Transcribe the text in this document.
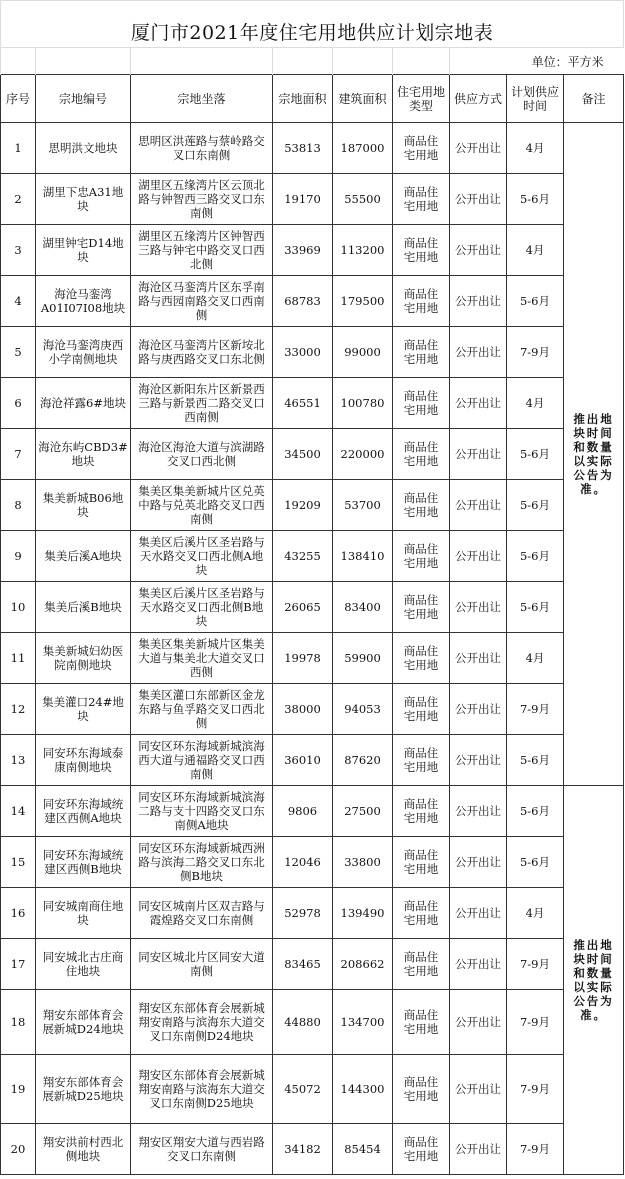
厦门市2021年度住宅用地供应计划宗地表								
						单位：平方米		
序号	宗地编号	宗地坐落	宗地面积	建筑面积	住宅用地类型	供应方式	计划供应时间	备注
1	思明洪文地块	思明区洪莲路与蔡岭路交叉口东南侧	53813	187000	商品住宅用地	公开出让	4月	推出地块时间和数量以实际公告为准。
2	湖里下忠A31地块	湖里区五缘湾片区云顶北路与钟智西三路交叉口东南侧	19170	55500	商品住宅用地	公开出让	5-6月	
3	湖里钟宅D14地块	湖里区五缘湾片区钟智西三路与钟宅中路交叉口西北侧	33969	113200	商品住宅用地	公开出让	4月	
4	海沧马銮湾A01I07I08地块	海沧区马銮湾片区东孚南路与西园南路交叉口西南侧	68783	179500	商品住宅用地	公开出让	5-6月	
5	海沧马銮湾庚西小学南侧地块	海沧区马銮湾片区新垵北路与庚西路交叉口东北侧	33000	99000	商品住宅用地	公开出让	7-9月	
6	海沧祥露6#地块	海沧区新阳东片区新景西三路与新景西二路交叉口西南侧	46551	100780	商品住宅用地	公开出让	4月	
7	海沧东屿CBD3#地块	海沧区海沧大道与滨湖路交叉口西北侧	34500	220000	商品住宅用地	公开出让	5-6月	
8	集美新城B06地块	集美区集美新城片区兑英中路与兑英北路交叉口西南侧	19209	53700	商品住宅用地	公开出让	5-6月	
9	集美后溪A地块	集美区后溪片区圣岩路与天水路交叉口西北侧A地块	43255	138410	商品住宅用地	公开出让	5-6月	
10	集美后溪B地块	集美区后溪片区圣岩路与天水路交叉口西北侧B地块	26065	83400	商品住宅用地	公开出让	5-6月	
11	集美新城妇幼医院南侧地块	集美区集美新城片区集美大道与集美北大道交叉口西侧	19978	59900	商品住宅用地	公开出让	4月	
12	集美灌口24#地块	集美区灌口东部新区金龙东路与鱼孚路交叉口西北侧	38000	94053	商品住宅用地	公开出让	7-9月	
13	同安环东海域泰康南侧地块	同安区环东海域新城滨海西大道与通福路交叉口西南侧	36010	87620	商品住宅用地	公开出让	5-6月	
14	同安环东海域统建区西侧A地块	同安区环东海域新城滨海二路与支十四路交叉口东南侧A地块	9806	27500	商品住宅用地	公开出让	5-6月	推出地块时间和数量以实际公告为准。
15	同安环东海域统建区西侧B地块	同安区环东海域新城西洲路与滨海二路交叉口东北侧B地块	12046	33800	商品住宅用地	公开出让	5-6月	
16	同安城南商住地块	同安区城南片区双吉路与霞煌路交叉口东南侧	52978	139490	商品住宅用地	公开出让	4月	
17	同安城北古庄商住地块	同安区城北片区同安大道南侧	83465	208662	商品住宅用地	公开出让	7-9月	
18	翔安东部体育会展新城D24地块	翔安区东部体育会展新城翔安南路与滨海东大道交叉口东南侧D24地块	44880	134700	商品住宅用地	公开出让	7-9月	
19	翔安东部体育会展新城D25地块	翔安区东部体育会展新城翔安南路与滨海东大道交叉口东南侧D25地块	45072	144300	商品住宅用地	公开出让	7-9月	
20	翔安洪前村西北侧地块	翔安区翔安大道与西岩路交叉口东南侧	34182	85454	商品住宅用地	公开出让	7-9月	
